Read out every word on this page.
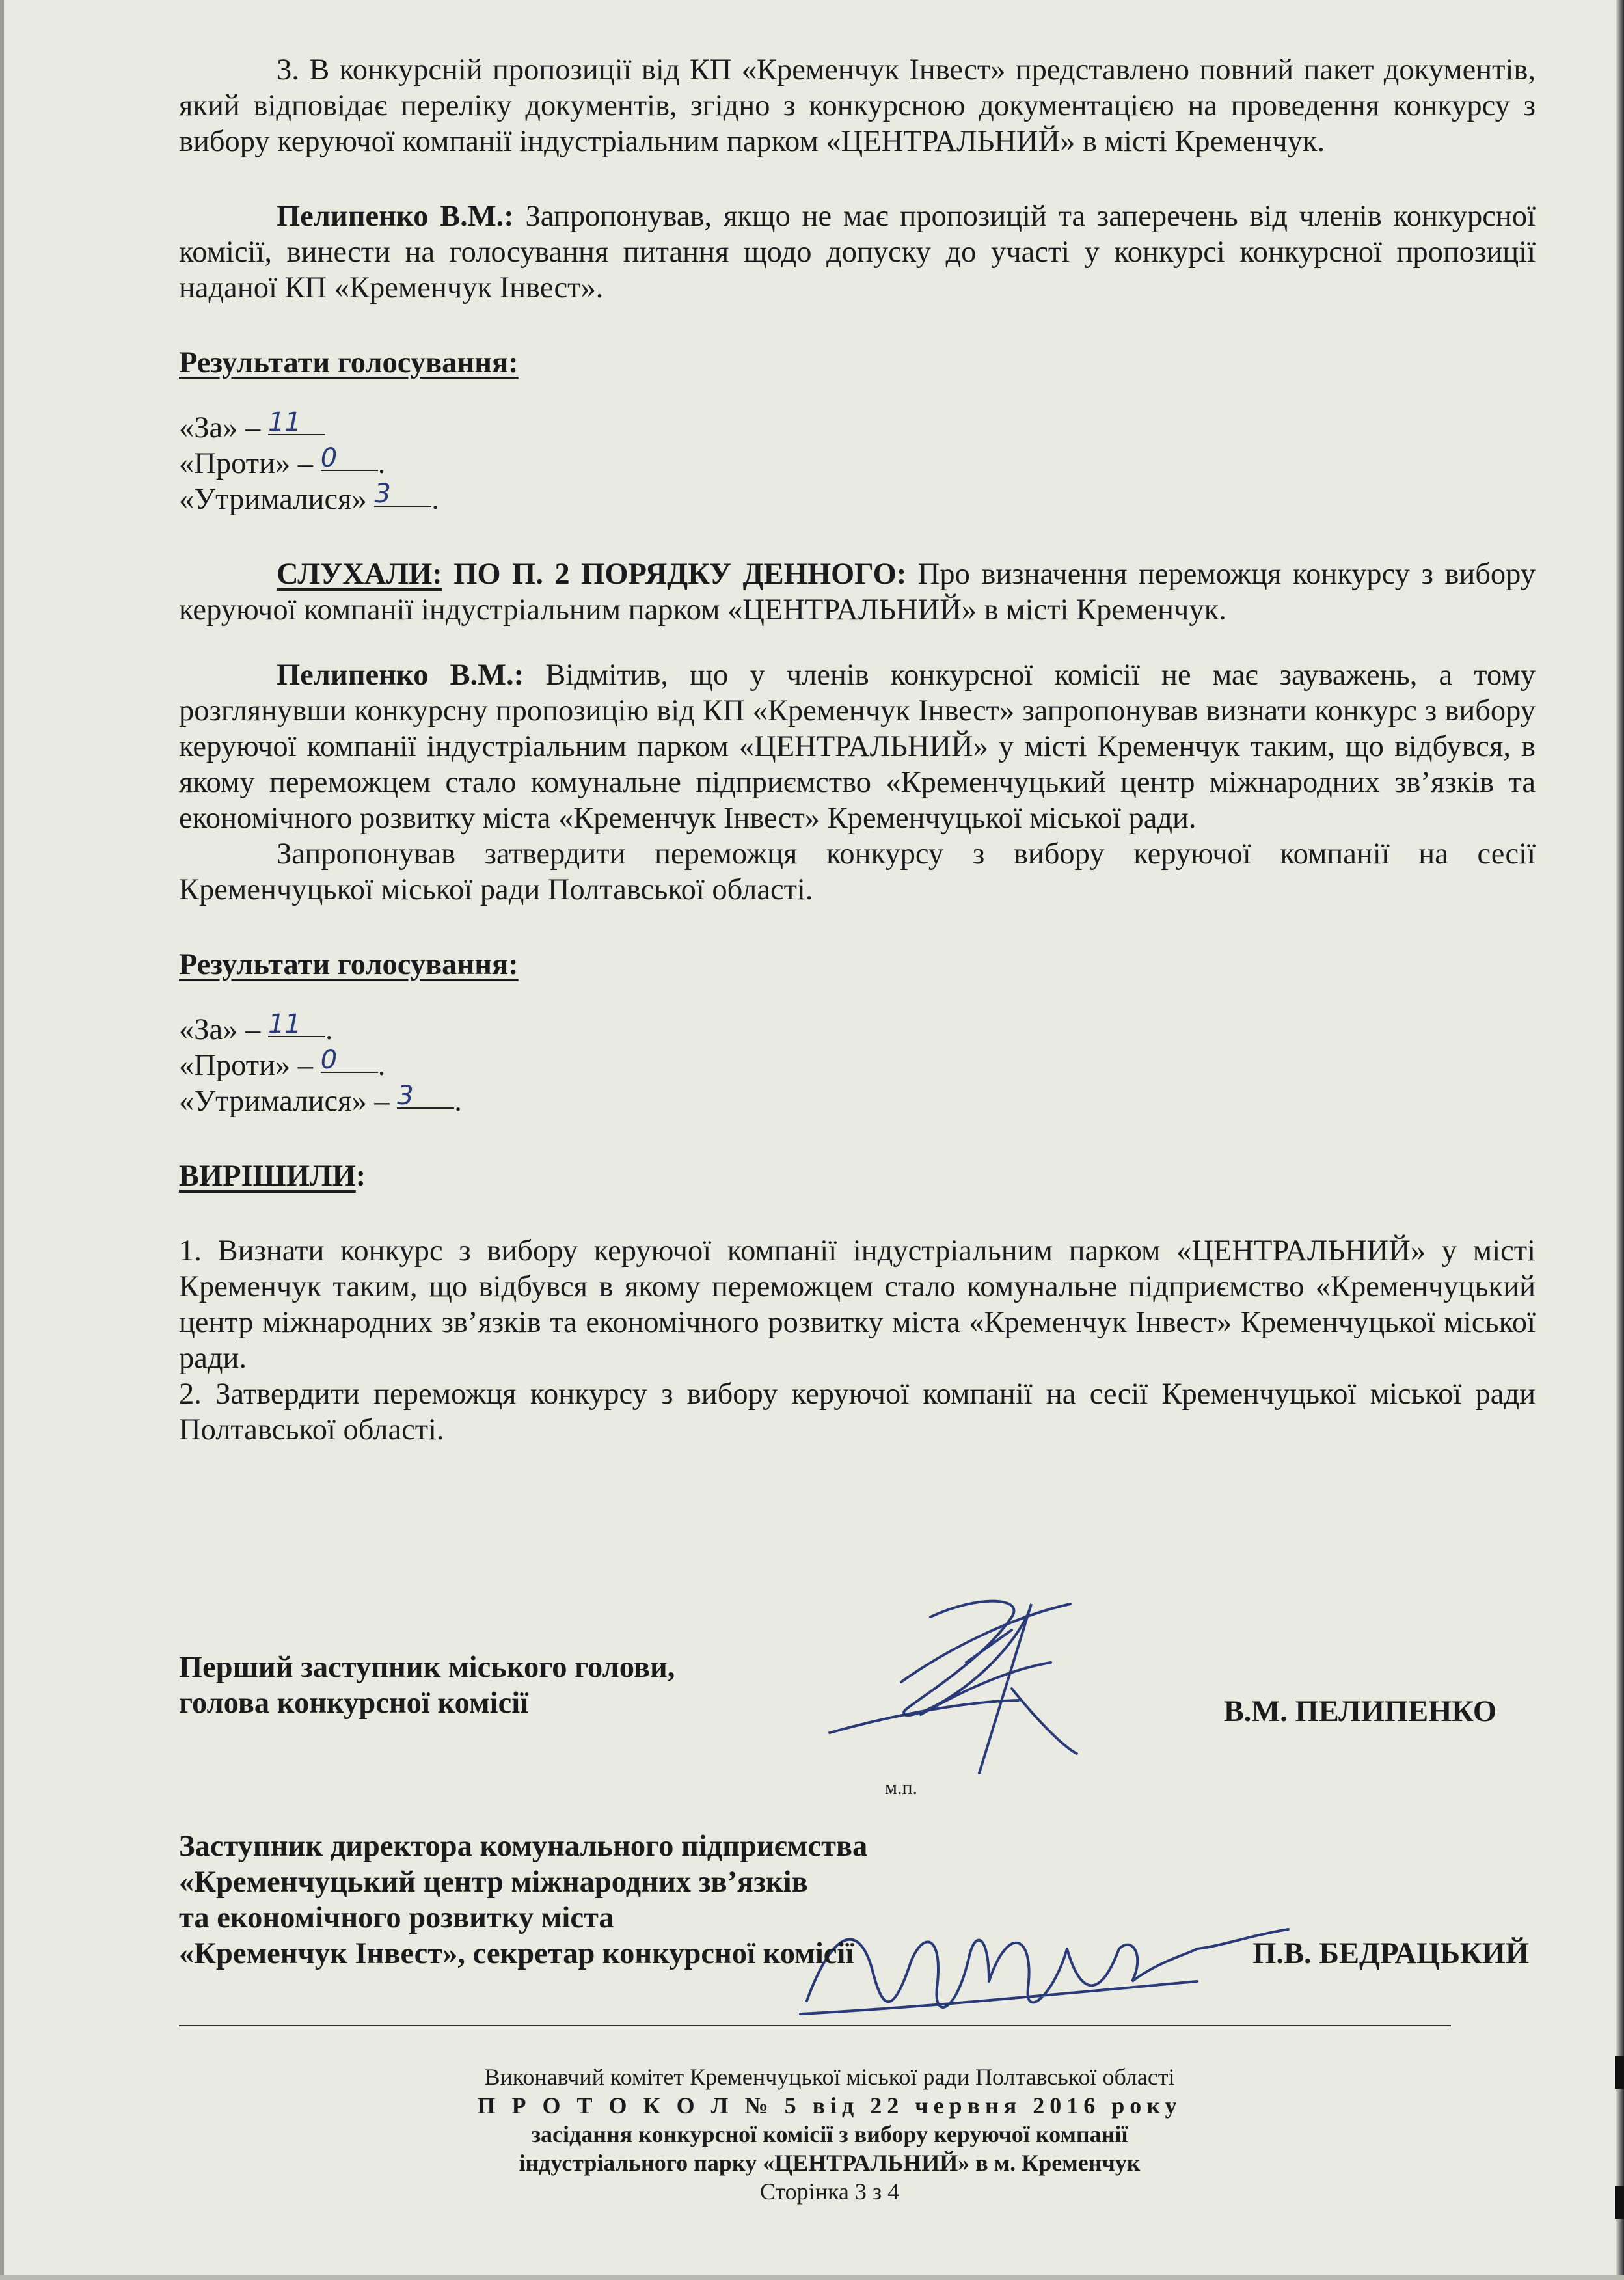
3. В конкурсній пропозиції від КП «Кременчук Інвест» представлено повний пакет документів, який відповідає переліку документів, згідно з конкурсною документацією на проведення конкурсу з вибору керуючої компанії індустріальним парком «ЦЕНТРАЛЬНИЙ» в місті Кременчук.

Пелипенко В.М.: Запропонував, якщо не має пропозицій та заперечень від членів конкурсної комісії, винести на голосування питання щодо допуску до участі у конкурсі конкурсної пропозиції наданої КП «Кременчук Інвест».

Результати голосування:

«За» – 11

«Проти» – 0 .

«Утрималися» 3 .

СЛУХАЛИ: ПО П. 2 ПОРЯДКУ ДЕННОГО: Про визначення переможця конкурсу з вибору керуючої компанії індустріальним парком «ЦЕНТРАЛЬНИЙ» в місті Кременчук.

Пелипенко В.М.: Відмітив, що у членів конкурсної комісії не має зауважень, а тому розглянувши конкурсну пропозицію від КП «Кременчук Інвест» запропонував визнати конкурс з вибору керуючої компанії індустріальним парком «ЦЕНТРАЛЬНИЙ» у місті Кременчук таким, що відбувся, в якому переможцем стало комунальне підприємство «Кременчуцький центр міжнародних зв’язків та економічного розвитку міста «Кременчук Інвест» Кременчуцької міської ради.

Запропонував затвердити переможця конкурсу з вибору керуючої компанії на сесії Кременчуцької міської ради Полтавської області.

Результати голосування:

«За» – 11 .

«Проти» – 0 .

«Утрималися» – 3 .

ВИРІШИЛИ:

1. Визнати конкурс з вибору керуючої компанії індустріальним парком «ЦЕНТРАЛЬНИЙ» у місті Кременчук таким, що відбувся в якому переможцем стало комунальне підприємство «Кременчуцький центр міжнародних зв’язків та економічного розвитку міста «Кременчук Інвест» Кременчуцької міської ради.

2. Затвердити переможця конкурсу з вибору керуючої компанії на сесії Кременчуцької міської ради Полтавської області.

Перший заступник міського голови,
голова конкурсної комісії	В.М. ПЕЛИПЕНКО
м.п.
Заступник директора комунального підприємства
«Кременчуцький центр міжнародних зв’язків
та економічного розвитку міста
«Кременчук Інвест», секретар конкурсної комісії	П.В. БЕДРАЦЬКИЙ
Виконавчий комітет Кременчуцької міської ради Полтавської області
П Р О Т О К О Л № 5 від 22 червня 2016 року
засідання конкурсної комісії з вибору керуючої компанії
індустріального парку «ЦЕНТРАЛЬНИЙ» в м. Кременчук
Сторінка 3 з 4
